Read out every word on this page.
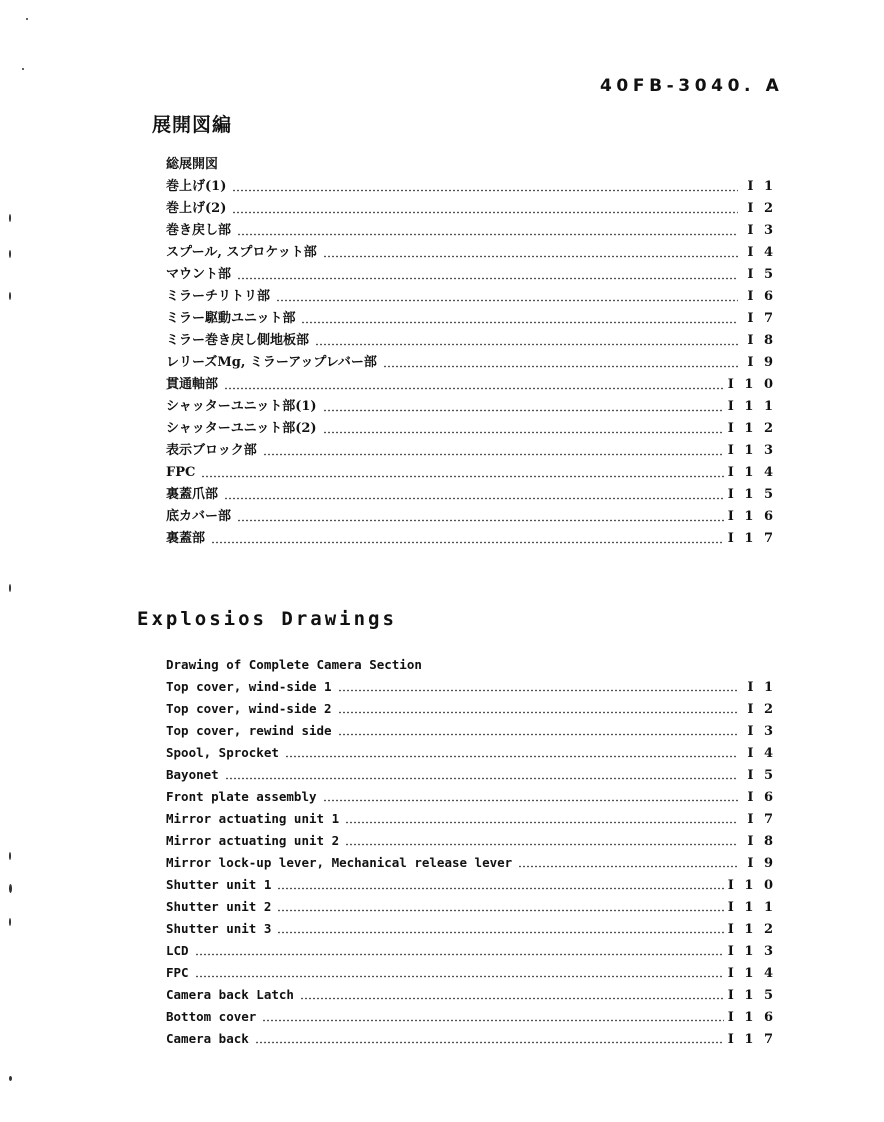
40FB-3040. A
展開図編
総展開図
巻上げ(1)	I 1
巻上げ(2)	I 2
巻き戻し部	I 3
スプール, スプロケット部	I 4
マウント部	I 5
ミラーチリトリ部	I 6
ミラー駆動ユニット部	I 7
ミラー巻き戻し側地板部	I 8
レリーズMg, ミラーアップレバー部	I 9
貫通軸部	I 1 0
シャッターユニット部(1)	I 1 1
シャッターユニット部(2)	I 1 2
表示ブロック部	I 1 3
FPC	I 1 4
裏蓋爪部	I 1 5
底カバー部	I 1 6
裏蓋部	I 1 7
Explosios Drawings
Drawing of Complete Camera Section
Top cover, wind-side 1	I 1
Top cover, wind-side 2	I 2
Top cover, rewind side	I 3
Spool, Sprocket	I 4
Bayonet	I 5
Front plate assembly	I 6
Mirror actuating unit 1	I 7
Mirror actuating unit 2	I 8
Mirror lock-up lever, Mechanical release lever	I 9
Shutter unit 1	I 1 0
Shutter unit 2	I 1 1
Shutter unit 3	I 1 2
LCD	I 1 3
FPC	I 1 4
Camera back Latch	I 1 5
Bottom cover	I 1 6
Camera back	I 1 7
